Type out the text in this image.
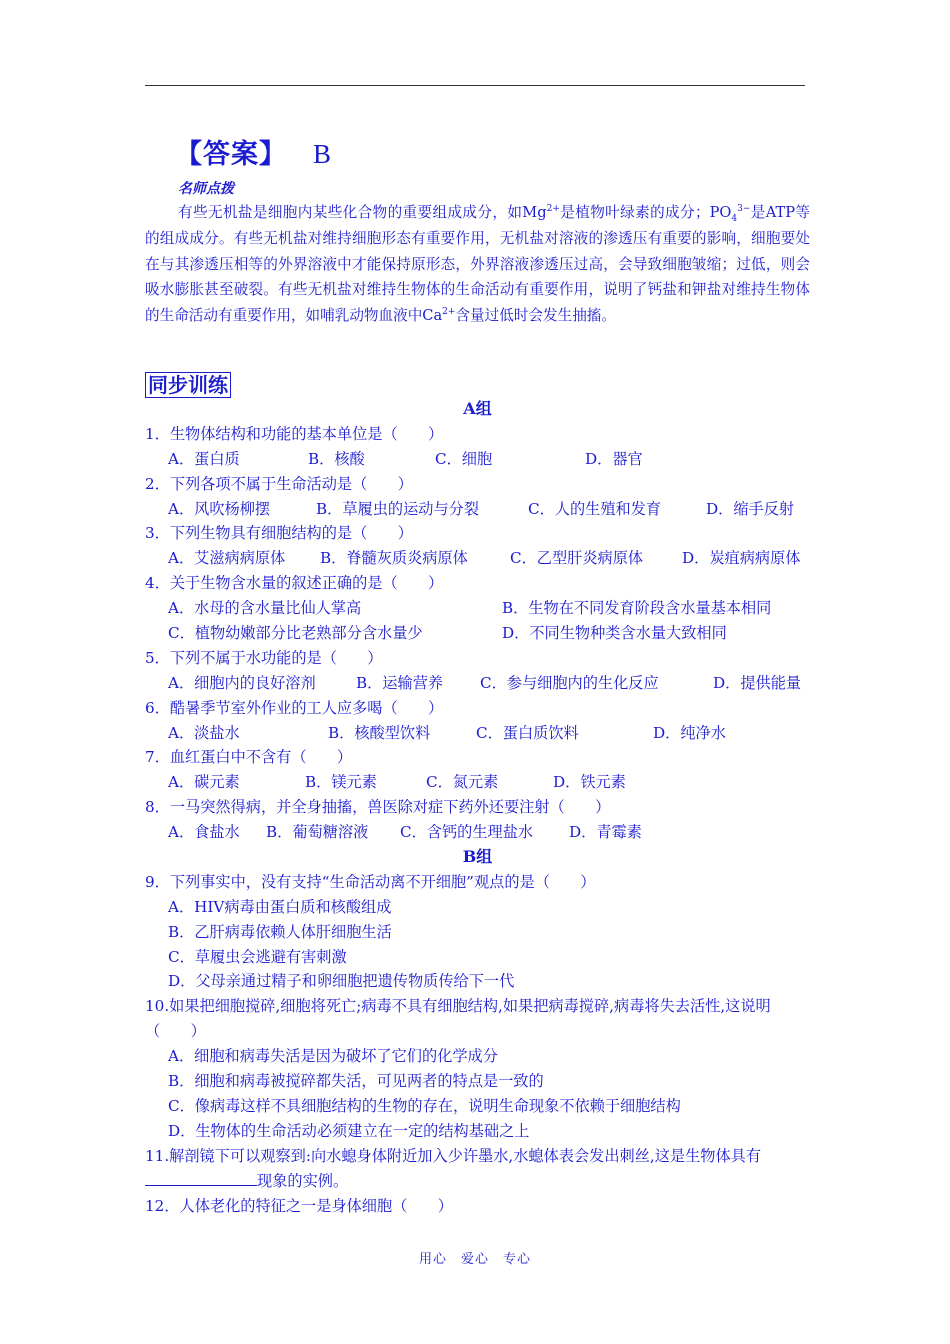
【答案】 B
名师点拨

有些无机盐是细胞内某些化合物的重要组成成分，如$Mg^{2+}$是植物叶绿素的成分；$PO_4^{3-}$是ATP等的组成成分。有些无机盐对维持细胞形态有重要作用，无机盐对溶液的渗透压有重要的影响，细胞要处在与其渗透压相等的外界溶液中才能保持原形态，外界溶液渗透压过高，会导致细胞皱缩；过低，则会吸水膨胀甚至破裂。有些无机盐对维持生物体的生命活动有重要作用，说明了钙盐和钾盐对维持生物体的生命活动有重要作用，如哺乳动物血液中$Ca^{2+}$含量过低时会发生抽搐。

同步训练
A组
1．生物体结构和功能的基本单位是（　　）
A．蛋白质	B．核酸	C．细胞	D．器官
2．下列各项不属于生命活动是（　　）
A．风吹杨柳摆	B．草履虫的运动与分裂	C．人的生殖和发育	D．缩手反射
3．下列生物具有细胞结构的是（　　）
A．艾滋病病原体	B．脊髓灰质炎病原体	C．乙型肝炎病原体	D．炭疽病病原体
4．关于生物含水量的叙述正确的是（　　）
A．水母的含水量比仙人掌高	B．生物在不同发育阶段含水量基本相同
C．植物幼嫩部分比老熟部分含水量少	D．不同生物种类含水量大致相同
5．下列不属于水功能的是（　　）
A．细胞内的良好溶剂	B．运输营养	C．参与细胞内的生化反应	D．提供能量
6．酷暑季节室外作业的工人应多喝（　　）
A．淡盐水	B．核酸型饮料	C．蛋白质饮料	D．纯净水
7．血红蛋白中不含有（　　）
A．碳元素	B．镁元素	C．氮元素	D．铁元素
8．一马突然得病，并全身抽搐，兽医除对症下药外还要注射（　　）
A．食盐水	B．葡萄糖溶液	C．含钙的生理盐水	D．青霉素
B组
9．下列事实中，没有支持“生命活动离不开细胞”观点的是（　　）
A．HIV病毒由蛋白质和核酸组成
B．乙肝病毒依赖人体肝细胞生活
C．草履虫会逃避有害刺激
D．父母亲通过精子和卵细胞把遗传物质传给下一代
10.如果把细胞搅碎,细胞将死亡;病毒不具有细胞结构,如果把病毒搅碎,病毒将失去活性,这说明（　　）
A．细胞和病毒失活是因为破坏了它们的化学成分
B．细胞和病毒被搅碎都失活，可见两者的特点是一致的
C．像病毒这样不具细胞结构的生物的存在，说明生命现象不依赖于细胞结构
D．生物体的生命活动必须建立在一定的结构基础之上
11.解剖镜下可以观察到:向水螅身体附近加入少许墨水,水螅体表会发出刺丝,这是生物体具有现象的实例。
12．人体老化的特征之一是身体细胞（　　）
用心　爱心　专心
